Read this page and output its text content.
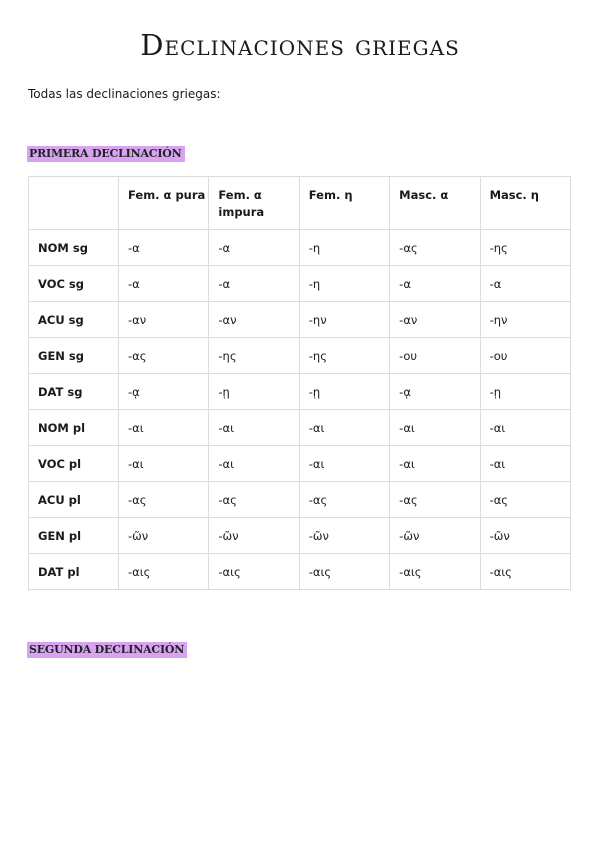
Declinaciones griegas
Todas las declinaciones griegas:
PRIMERA DECLINACIÓN
	Fem. α pura	Fem. α impura	Fem. η	Masc. α	Masc. η
NOM sg	-α	-α	-η	-ας	-ης
VOC sg	-α	-α	-η	-α	-α
ACU sg	-αν	-αν	-ην	-αν	-ην
GEN sg	-ας	-ης	-ης	-ου	-ου
DAT sg	-ᾳ	-ῃ	-ῃ	-ᾳ	-ῃ
NOM pl	-αι	-αι	-αι	-αι	-αι
VOC pl	-αι	-αι	-αι	-αι	-αι
ACU pl	-ας	-ας	-ας	-ας	-ας
GEN pl	-ῶν	-ῶν	-ῶν	-ῶν	-ῶν
DAT pl	-αις	-αις	-αις	-αις	-αις
SEGUNDA DECLINACIÓN
